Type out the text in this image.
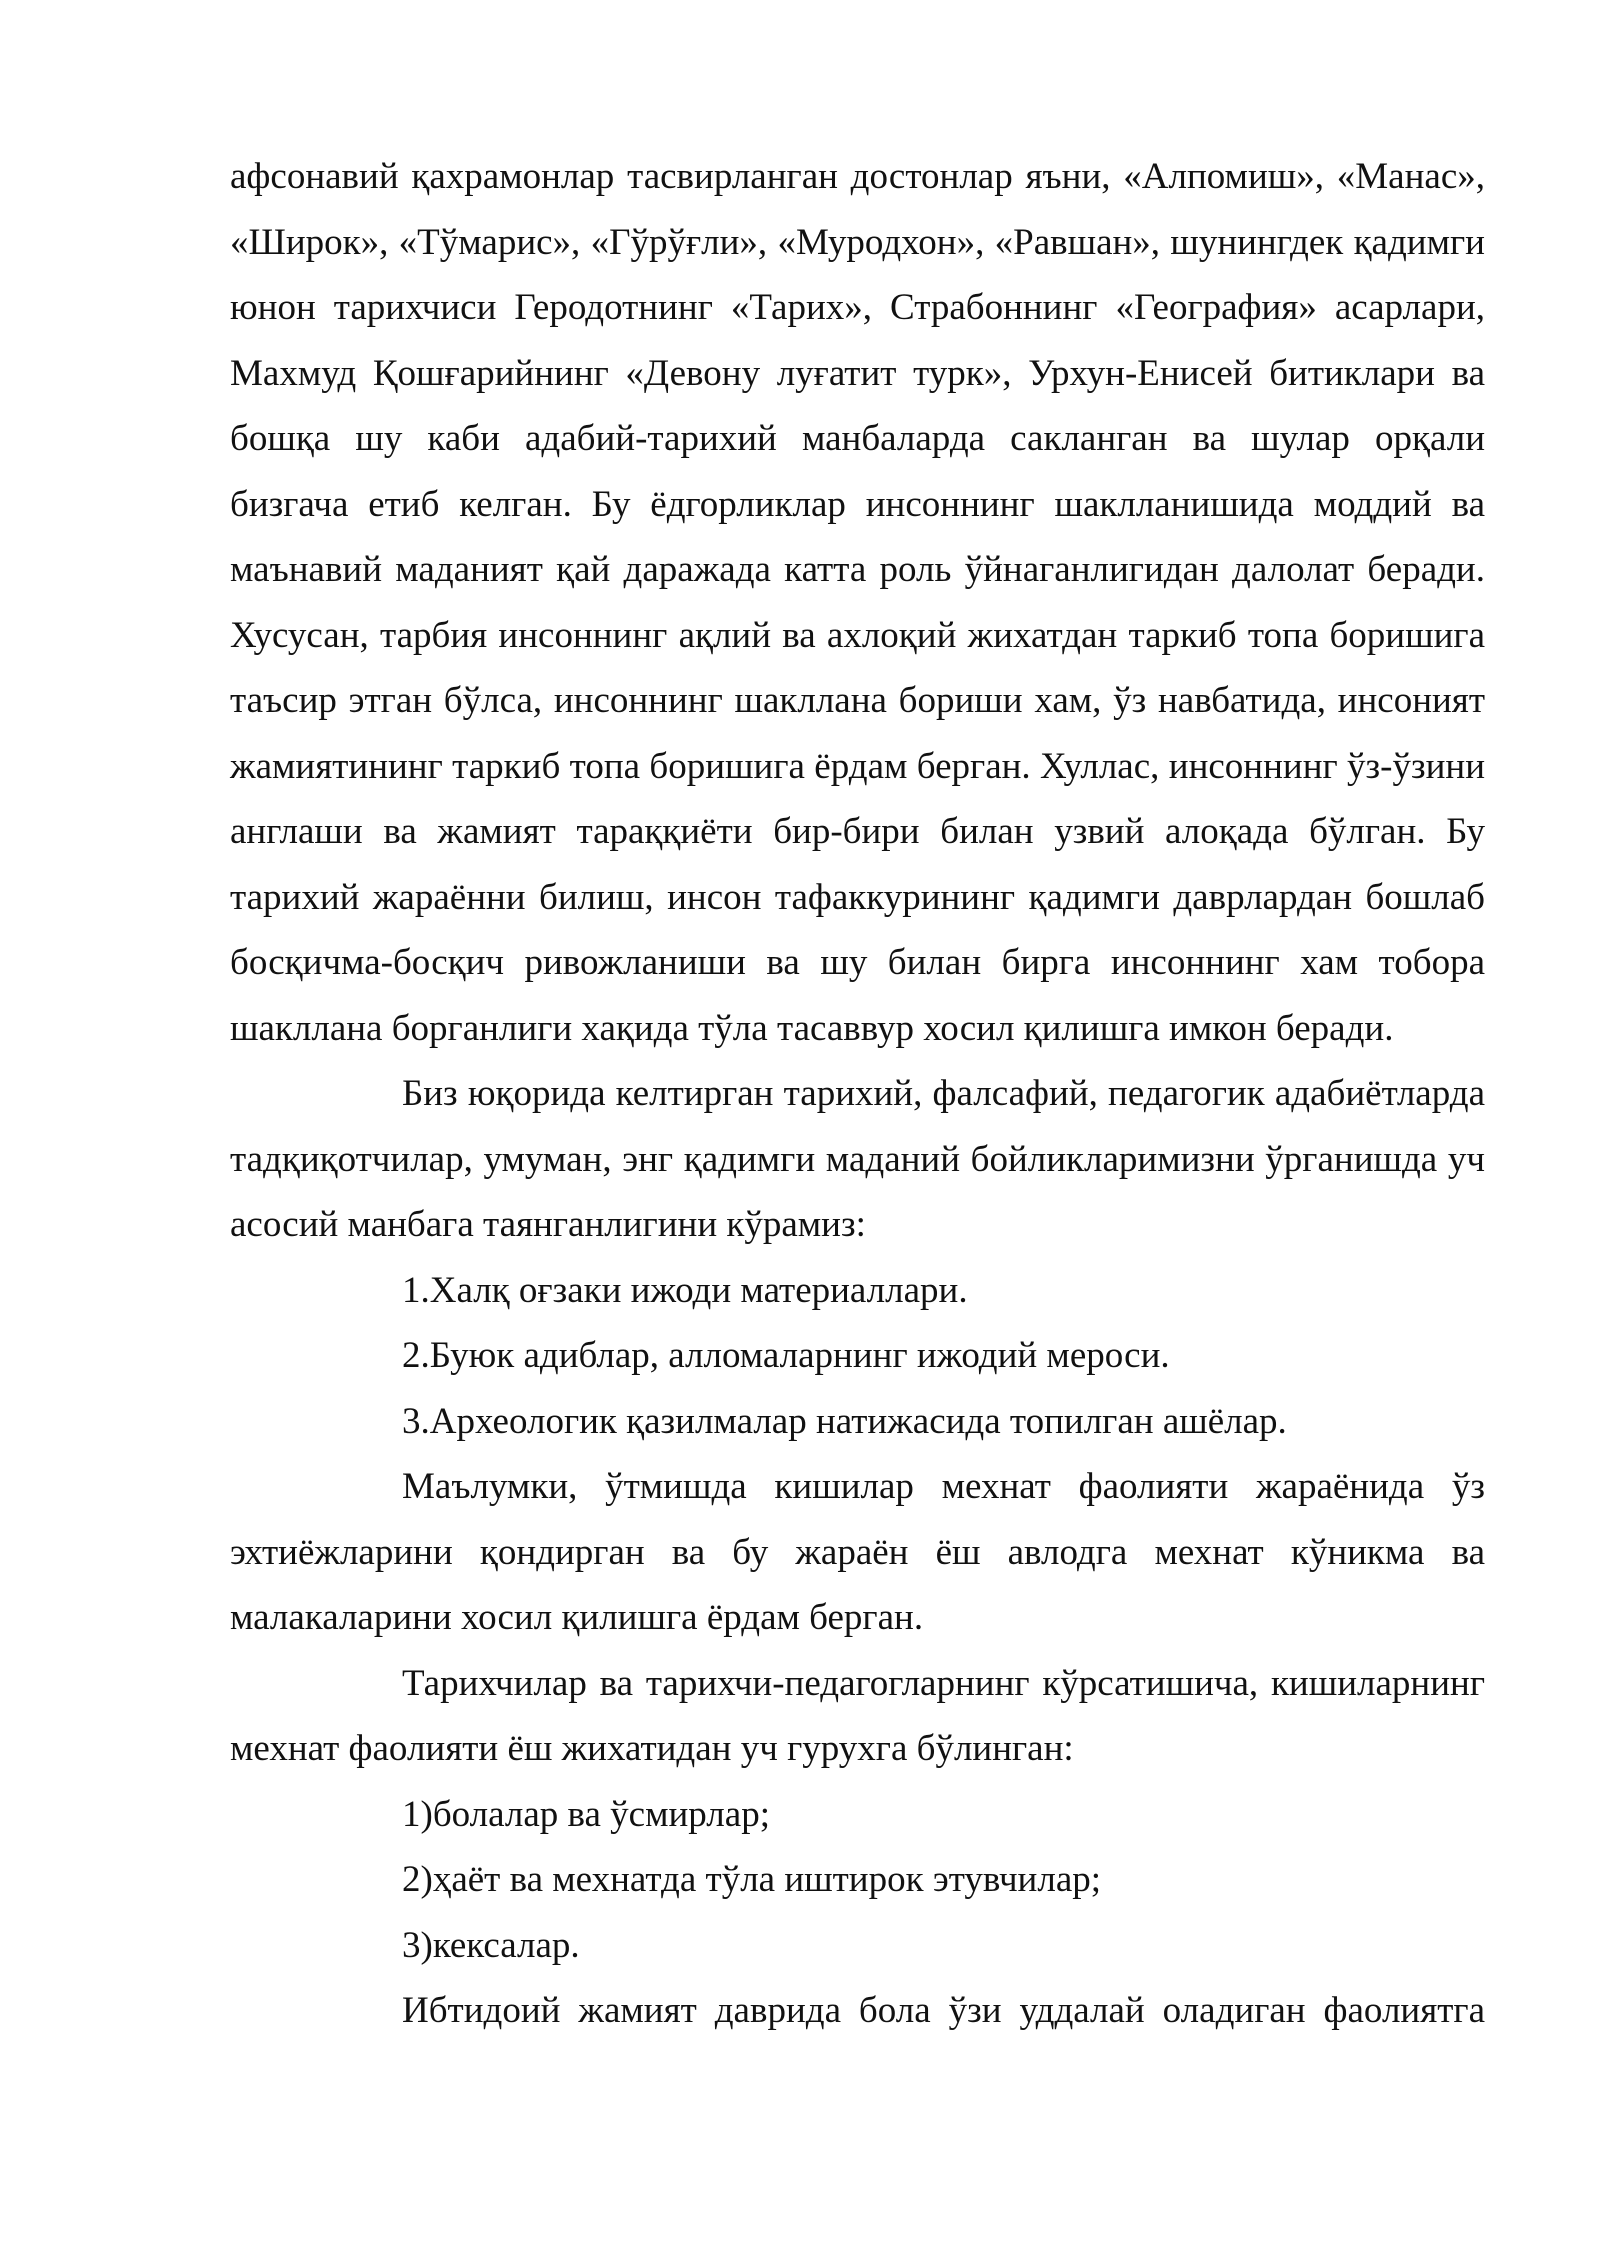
афсонавий қахрамонлар тасвирланган достонлар яъни, «Алпомиш», «Манас», «Широк», «Тўмарис», «Гўрўғли», «Муродхон», «Равшан», шунингдек қадимги юнон тарихчиси Геродотнинг «Тарих», Страбоннинг «География» асарлари, Махмуд Қошғарийнинг «Девону луғатит турк», Урхун-Енисей битиклари ва бошқа шу каби адабий-тарихий манбаларда сакланган ва шулар орқали бизгача етиб келган. Бу ёдгорликлар инсоннинг шаклланишида моддий ва маънавий маданият қай даражада катта роль ўйнаганлигидан далолат беради. Хусусан, тарбия инсоннинг ақлий ва ахлоқий жихатдан таркиб топа боришига таъсир этган бўлса, инсоннинг шакллана бориши хам, ўз навбатида, инсоният жамиятининг таркиб топа боришига ёрдам берган. Хуллас, инсоннинг ўз-ўзини англаши ва жамият тараққиёти бир-бири билан узвий алоқада бўлган. Бу тарихий жараённи билиш, инсон тафаккурининг қадимги даврлардан бошлаб босқичма-босқич ривожланиши ва шу билан бирга инсоннинг хам тобора шакллана борганлиги хақида тўла тасаввур хосил қилишга имкон беради.

Биз юқорида келтирган тарихий, фалсафий, педагогик адабиётларда тадқиқотчилар, умуман, энг қадимги маданий бойликларимизни ўрганишда уч асосий манбага таянганлигини кўрамиз:

1.Халқ оғзаки ижоди материаллари.

2.Буюк адиблар, алломаларнинг ижодий мероси.

3.Археологик қазилмалар натижасида топилган ашёлар.

Маълумки, ўтмишда кишилар мехнат фаолияти жараёнида ўз эхтиёжларини қондирган ва бу жараён ёш авлодга мехнат кўникма ва малакаларини хосил қилишга ёрдам берган.

Тарихчилар ва тарихчи-педагогларнинг кўрсатишича, кишиларнинг мехнат фаолияти ёш жихатидан уч гурухга бўлинган:

1)болалар ва ўсмирлар;

2)ҳаёт ва мехнатда тўла иштирок этувчилар;

3)кексалар.

Ибтидоий жамият даврида бола ўзи уддалай оладиган фаолиятга
